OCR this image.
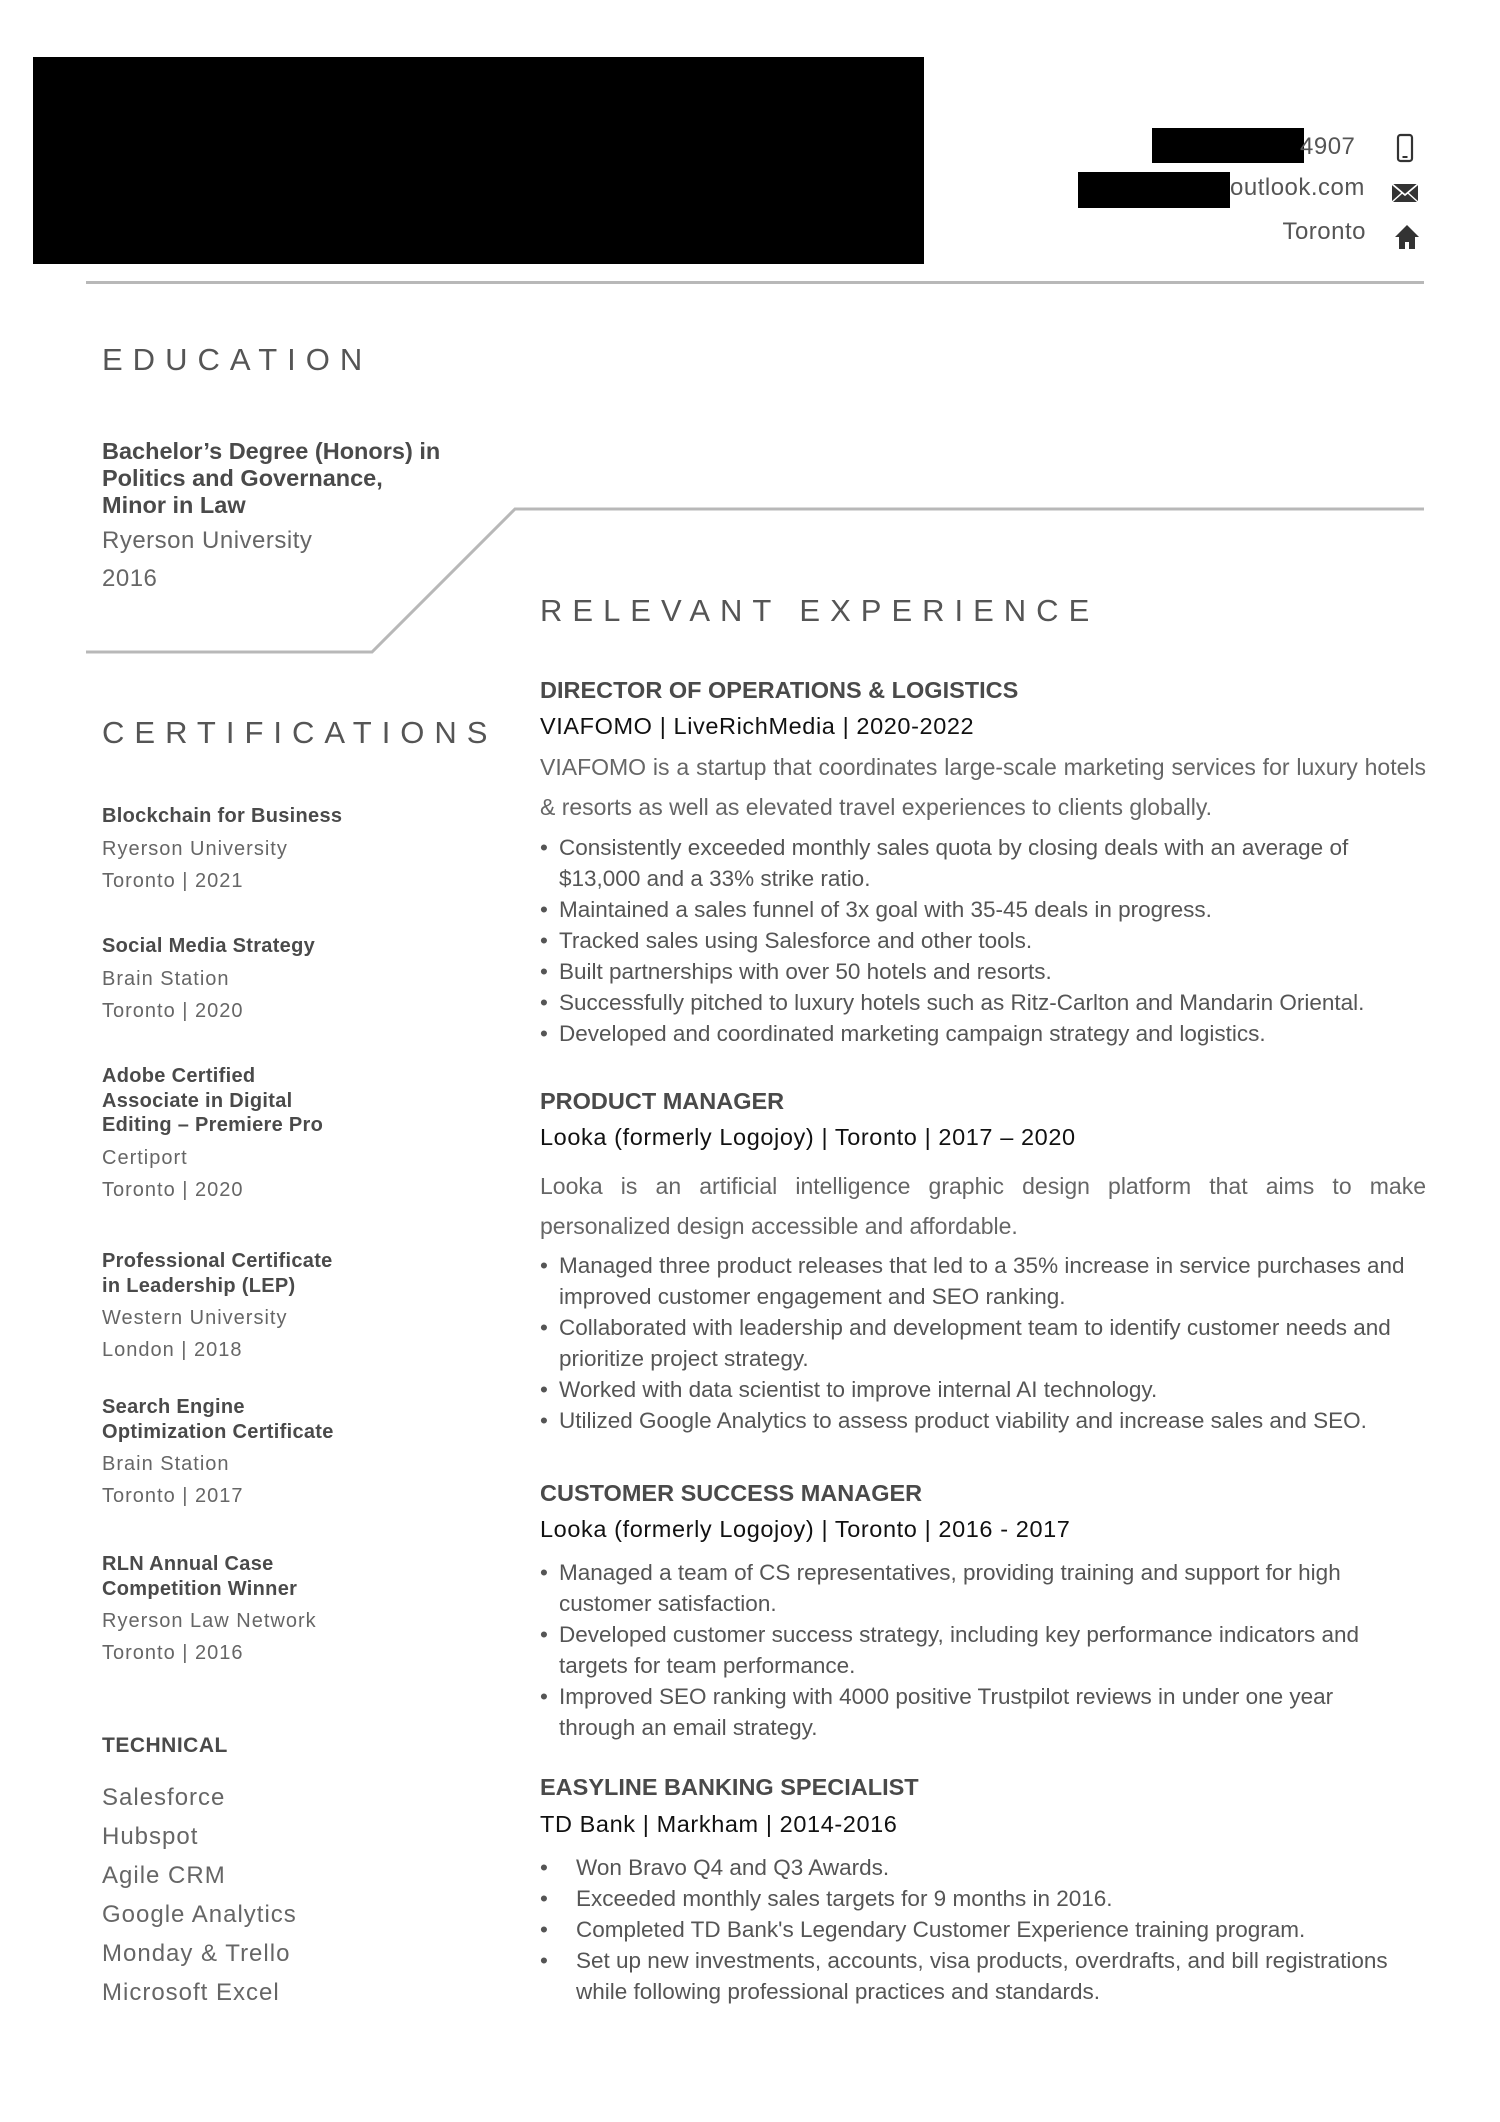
4907
outlook.com
Toronto
EDUCATION
Bachelor’s Degree (Honors) in
Politics and Governance,
Minor in Law
Ryerson University
2016
CERTIFICATIONS
Blockchain for Business
Ryerson University
Toronto | 2021
Social Media Strategy
Brain Station
Toronto | 2020
Adobe Certified
Associate in Digital
Editing – Premiere Pro
Certiport
Toronto | 2020
Professional Certificate
in Leadership (LEP)
Western University
London | 2018
Search Engine
Optimization Certificate
Brain Station
Toronto | 2017
RLN Annual Case
Competition Winner
Ryerson Law Network
Toronto | 2016
TECHNICAL
Salesforce
Hubspot
Agile CRM
Google Analytics
Monday & Trello
Microsoft Excel
RELEVANT EXPERIENCE
DIRECTOR OF OPERATIONS & LOGISTICS
VIAFOMO | LiveRichMedia | 2020-2022
VIAFOMO is a startup that coordinates large-scale marketing services for luxury hotels & resorts as well as elevated travel experiences to clients globally.
• Consistently exceeded monthly sales quota by closing deals with an average of $13,000 and a 33% strike ratio.
• Maintained a sales funnel of 3x goal with 35-45 deals in progress.
• Tracked sales using Salesforce and other tools.
• Built partnerships with over 50 hotels and resorts.
• Successfully pitched to luxury hotels such as Ritz-Carlton and Mandarin Oriental.
• Developed and coordinated marketing campaign strategy and logistics.
PRODUCT MANAGER
Looka (formerly Logojoy) | Toronto | 2017 – 2020
Looka is an artificial intelligence graphic design platform that aims to make personalized design accessible and affordable.
• Managed three product releases that led to a 35% increase in service purchases and improved customer engagement and SEO ranking.
• Collaborated with leadership and development team to identify customer needs and prioritize project strategy.
• Worked with data scientist to improve internal AI technology.
• Utilized Google Analytics to assess product viability and increase sales and SEO.
CUSTOMER SUCCESS MANAGER
Looka (formerly Logojoy) | Toronto | 2016 - 2017
• Managed a team of CS representatives, providing training and support for high customer satisfaction.
• Developed customer success strategy, including key performance indicators and targets for team performance.
• Improved SEO ranking with 4000 positive Trustpilot reviews in under one year through an email strategy.
EASYLINE BANKING SPECIALIST
TD Bank | Markham | 2014-2016
• Won Bravo Q4 and Q3 Awards.
• Exceeded monthly sales targets for 9 months in 2016.
• Completed TD Bank's Legendary Customer Experience training program.
• Set up new investments, accounts, visa products, overdrafts, and bill registrations while following professional practices and standards.
